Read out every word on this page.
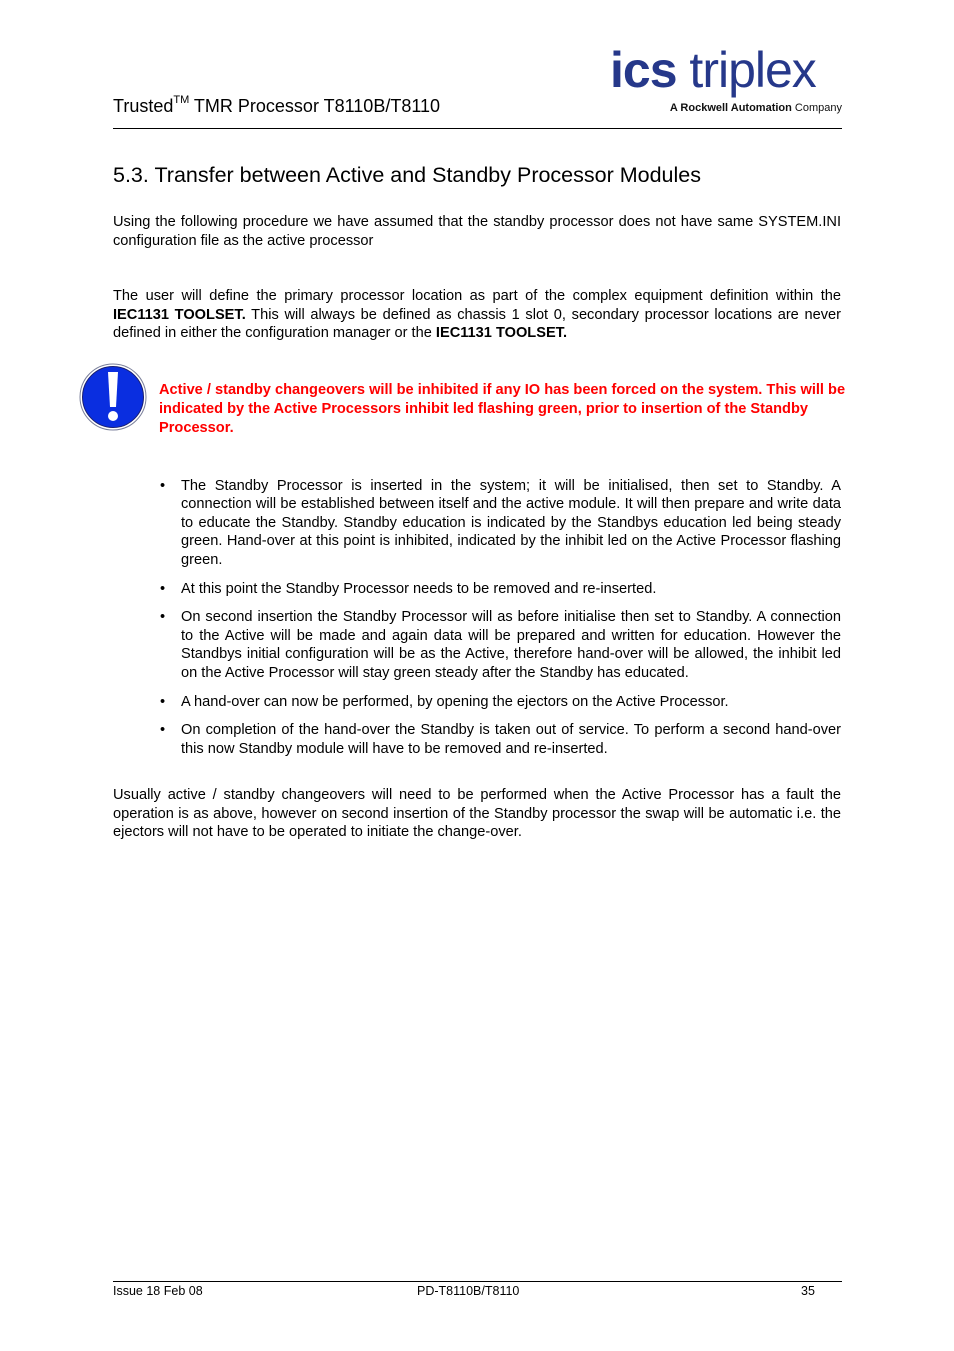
Trusted™ TMR Processor T8110B/T8110
ics triplex
A Rockwell Automation Company
5.3. Transfer between Active and Standby Processor Modules
Using the following procedure we have assumed that the standby processor does not have same SYSTEM.INI configuration file as the active processor
The user will define the primary processor location as part of the complex equipment definition within the IEC1131 TOOLSET. This will always be defined as chassis 1 slot 0, secondary processor locations are never defined in either the configuration manager or the IEC1131 TOOLSET.
Active / standby changeovers will be inhibited if any IO has been forced on the system. This will be indicated by the Active Processors inhibit led flashing green, prior to insertion of the Standby Processor.
• The Standby Processor is inserted in the system; it will be initialised, then set to Standby. A connection will be established between itself and the active module. It will then prepare and write data to educate the Standby. Standby education is indicated by the Standbys education led being steady green. Hand-over at this point is inhibited, indicated by the inhibit led on the Active Processor flashing green.
• At this point the Standby Processor needs to be removed and re-inserted.
• On second insertion the Standby Processor will as before initialise then set to Standby. A connection to the Active will be made and again data will be prepared and written for education. However the Standbys initial configuration will be as the Active, therefore hand-over will be allowed, the inhibit led on the Active Processor will stay green steady after the Standby has educated.
• A hand-over can now be performed, by opening the ejectors on the Active Processor.
• On completion of the hand-over the Standby is taken out of service. To perform a second hand-over this now Standby module will have to be removed and re-inserted.
Usually active / standby changeovers will need to be performed when the Active Processor has a fault the operation is as above, however on second insertion of the Standby processor the swap will be automatic i.e. the ejectors will not have to be operated to initiate the change-over.
Issue 18 Feb 08	PD-T8110B/T8110	35
